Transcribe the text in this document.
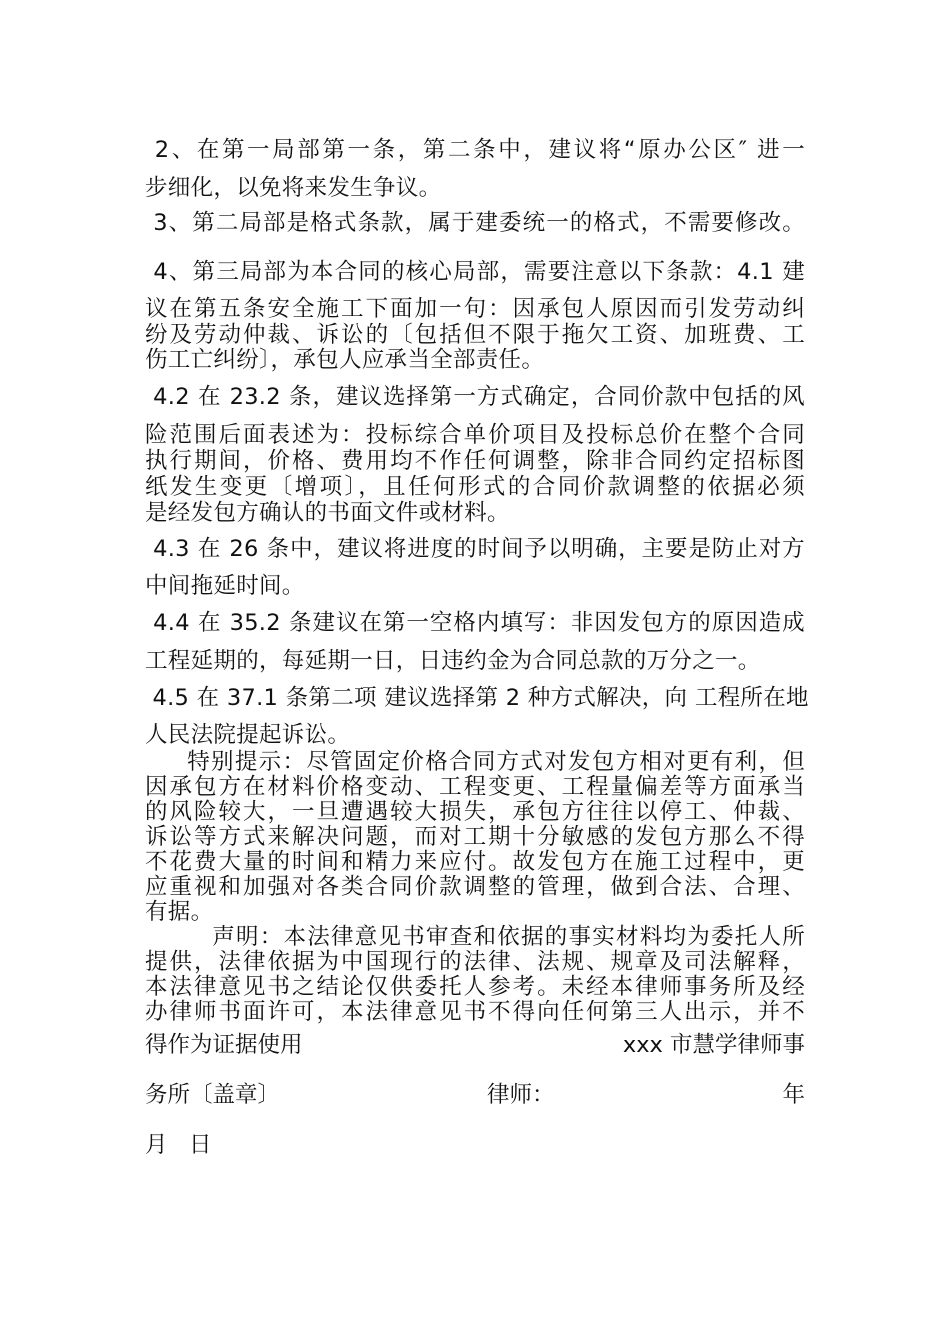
2、在第一局部第一条，第二条中，建议将“原办公区″ 进一
步细化，以免将来发生争议。
3、第二局部是格式条款，属于建委统一的格式，不需要修改。
4、第三局部为本合同的核心局部，需要注意以下条款：4.1 建
议在第五条安全施工下面加一句：因承包人原因而引发劳动纠
纷及劳动仲裁、诉讼的〔包括但不限于拖欠工资、加班费、工
伤工亡纠纷〕，承包人应承当全部责任。
4.2 在 23.2 条，建议选择第一方式确定，合同价款中包括的风
险范围后面表述为：投标综合单价项目及投标总价在整个合同
执行期间，价格、费用均不作任何调整，除非合同约定招标图
纸发生变更〔增项〕，且任何形式的合同价款调整的依据必须
是经发包方确认的书面文件或材料。
4.3 在 26 条中，建议将进度的时间予以明确，主要是防止对方
中间拖延时间。
4.4 在 35.2 条建议在第一空格内填写：非因发包方的原因造成
工程延期的，每延期一日，日违约金为合同总款的万分之一。
4.5 在 37.1 条第二项 建议选择第 2 种方式解决，向 工程所在地
人民法院提起诉讼。
特别提示：尽管固定价格合同方式对发包方相对更有利，但
因承包方在材料价格变动、工程变更、工程量偏差等方面承当
的风险较大，一旦遭遇较大损失，承包方往往以停工、仲裁、
诉讼等方式来解决问题，而对工期十分敏感的发包方那么不得
不花费大量的时间和精力来应付。故发包方在施工过程中，更
应重视和加强对各类合同价款调整的管理，做到合法、合理、
有据。
声明：本法律意见书审查和依据的事实材料均为委托人所
提供，法律依据为中国现行的法律、法规、规章及司法解释，
本法律意见书之结论仅供委托人参考。未经本律师事务所及经
办律师书面许可，本法律意见书不得向任何第三人出示，并不
得作为证据使用	xxx 市慧学律师事
务所〔盖章〕	律师：	年
月   日
